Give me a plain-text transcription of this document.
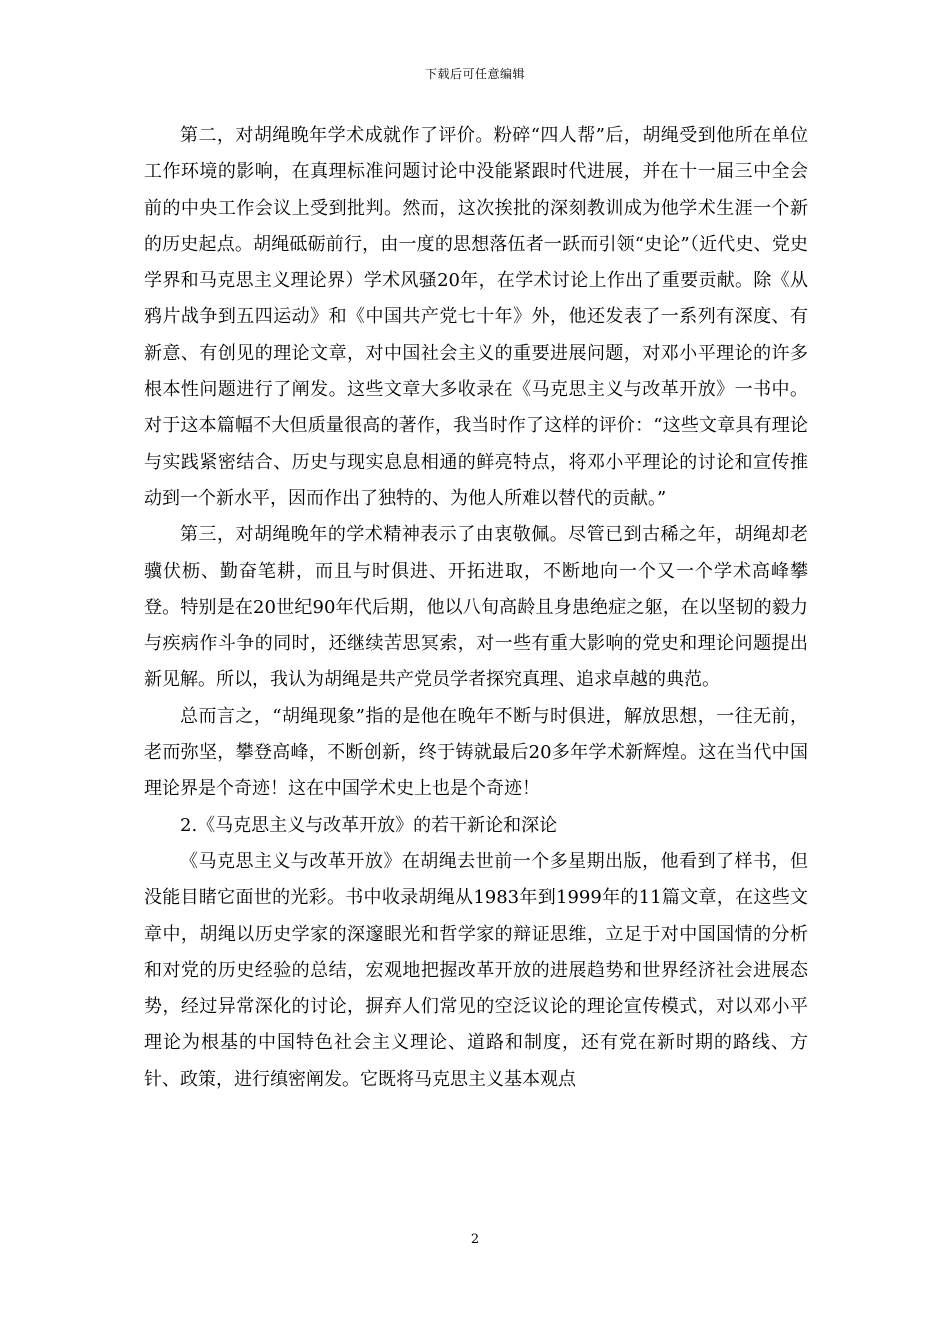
下载后可任意编辑

第二，对胡绳晚年学术成就作了评价。粉碎“四人帮”后，胡绳受到他所在单位工作环境的影响，在真理标准问题讨论中没能紧跟时代进展，并在十一届三中全会前的中央工作会议上受到批判。然而，这次挨批的深刻教训成为他学术生涯一个新的历史起点。胡绳砥砺前行，由一度的思想落伍者一跃而引领“史论”（近代史、党史学界和马克思主义理论界）学术风骚20年，在学术讨论上作出了重要贡献。除《从鸦片战争到五四运动》和《中国共产党七十年》外，他还发表了一系列有深度、有新意、有创见的理论文章，对中国社会主义的重要进展问题，对邓小平理论的许多根本性问题进行了阐发。这些文章大多收录在《马克思主义与改革开放》一书中。对于这本篇幅不大但质量很高的著作，我当时作了这样的评价：“这些文章具有理论与实践紧密结合、历史与现实息息相通的鲜亮特点，将邓小平理论的讨论和宣传推动到一个新水平，因而作出了独特的、为他人所难以替代的贡献。”

第三，对胡绳晚年的学术精神表示了由衷敬佩。尽管已到古稀之年，胡绳却老骥伏枥、勤奋笔耕，而且与时俱进、开拓进取，不断地向一个又一个学术高峰攀登。特别是在20世纪90年代后期，他以八旬高龄且身患绝症之躯，在以坚韧的毅力与疾病作斗争的同时，还继续苦思冥索，对一些有重大影响的党史和理论问题提出新见解。所以，我认为胡绳是共产党员学者探究真理、追求卓越的典范。

总而言之，“胡绳现象”指的是他在晚年不断与时俱进，解放思想，一往无前，老而弥坚，攀登高峰，不断创新，终于铸就最后20多年学术新辉煌。这在当代中国理论界是个奇迹！这在中国学术史上也是个奇迹！

2.《马克思主义与改革开放》的若干新论和深论

《马克思主义与改革开放》在胡绳去世前一个多星期出版，他看到了样书，但没能目睹它面世的光彩。书中收录胡绳从1983年到1999年的11篇文章，在这些文章中，胡绳以历史学家的深邃眼光和哲学家的辩证思维，立足于对中国国情的分析和对党的历史经验的总结，宏观地把握改革开放的进展趋势和世界经济社会进展态势，经过异常深化的讨论，摒弃人们常见的空泛议论的理论宣传模式，对以邓小平理论为根基的中国特色社会主义理论、道路和制度，还有党在新时期的路线、方针、政策，进行缜密阐发。它既将马克思主义基本观点

2
